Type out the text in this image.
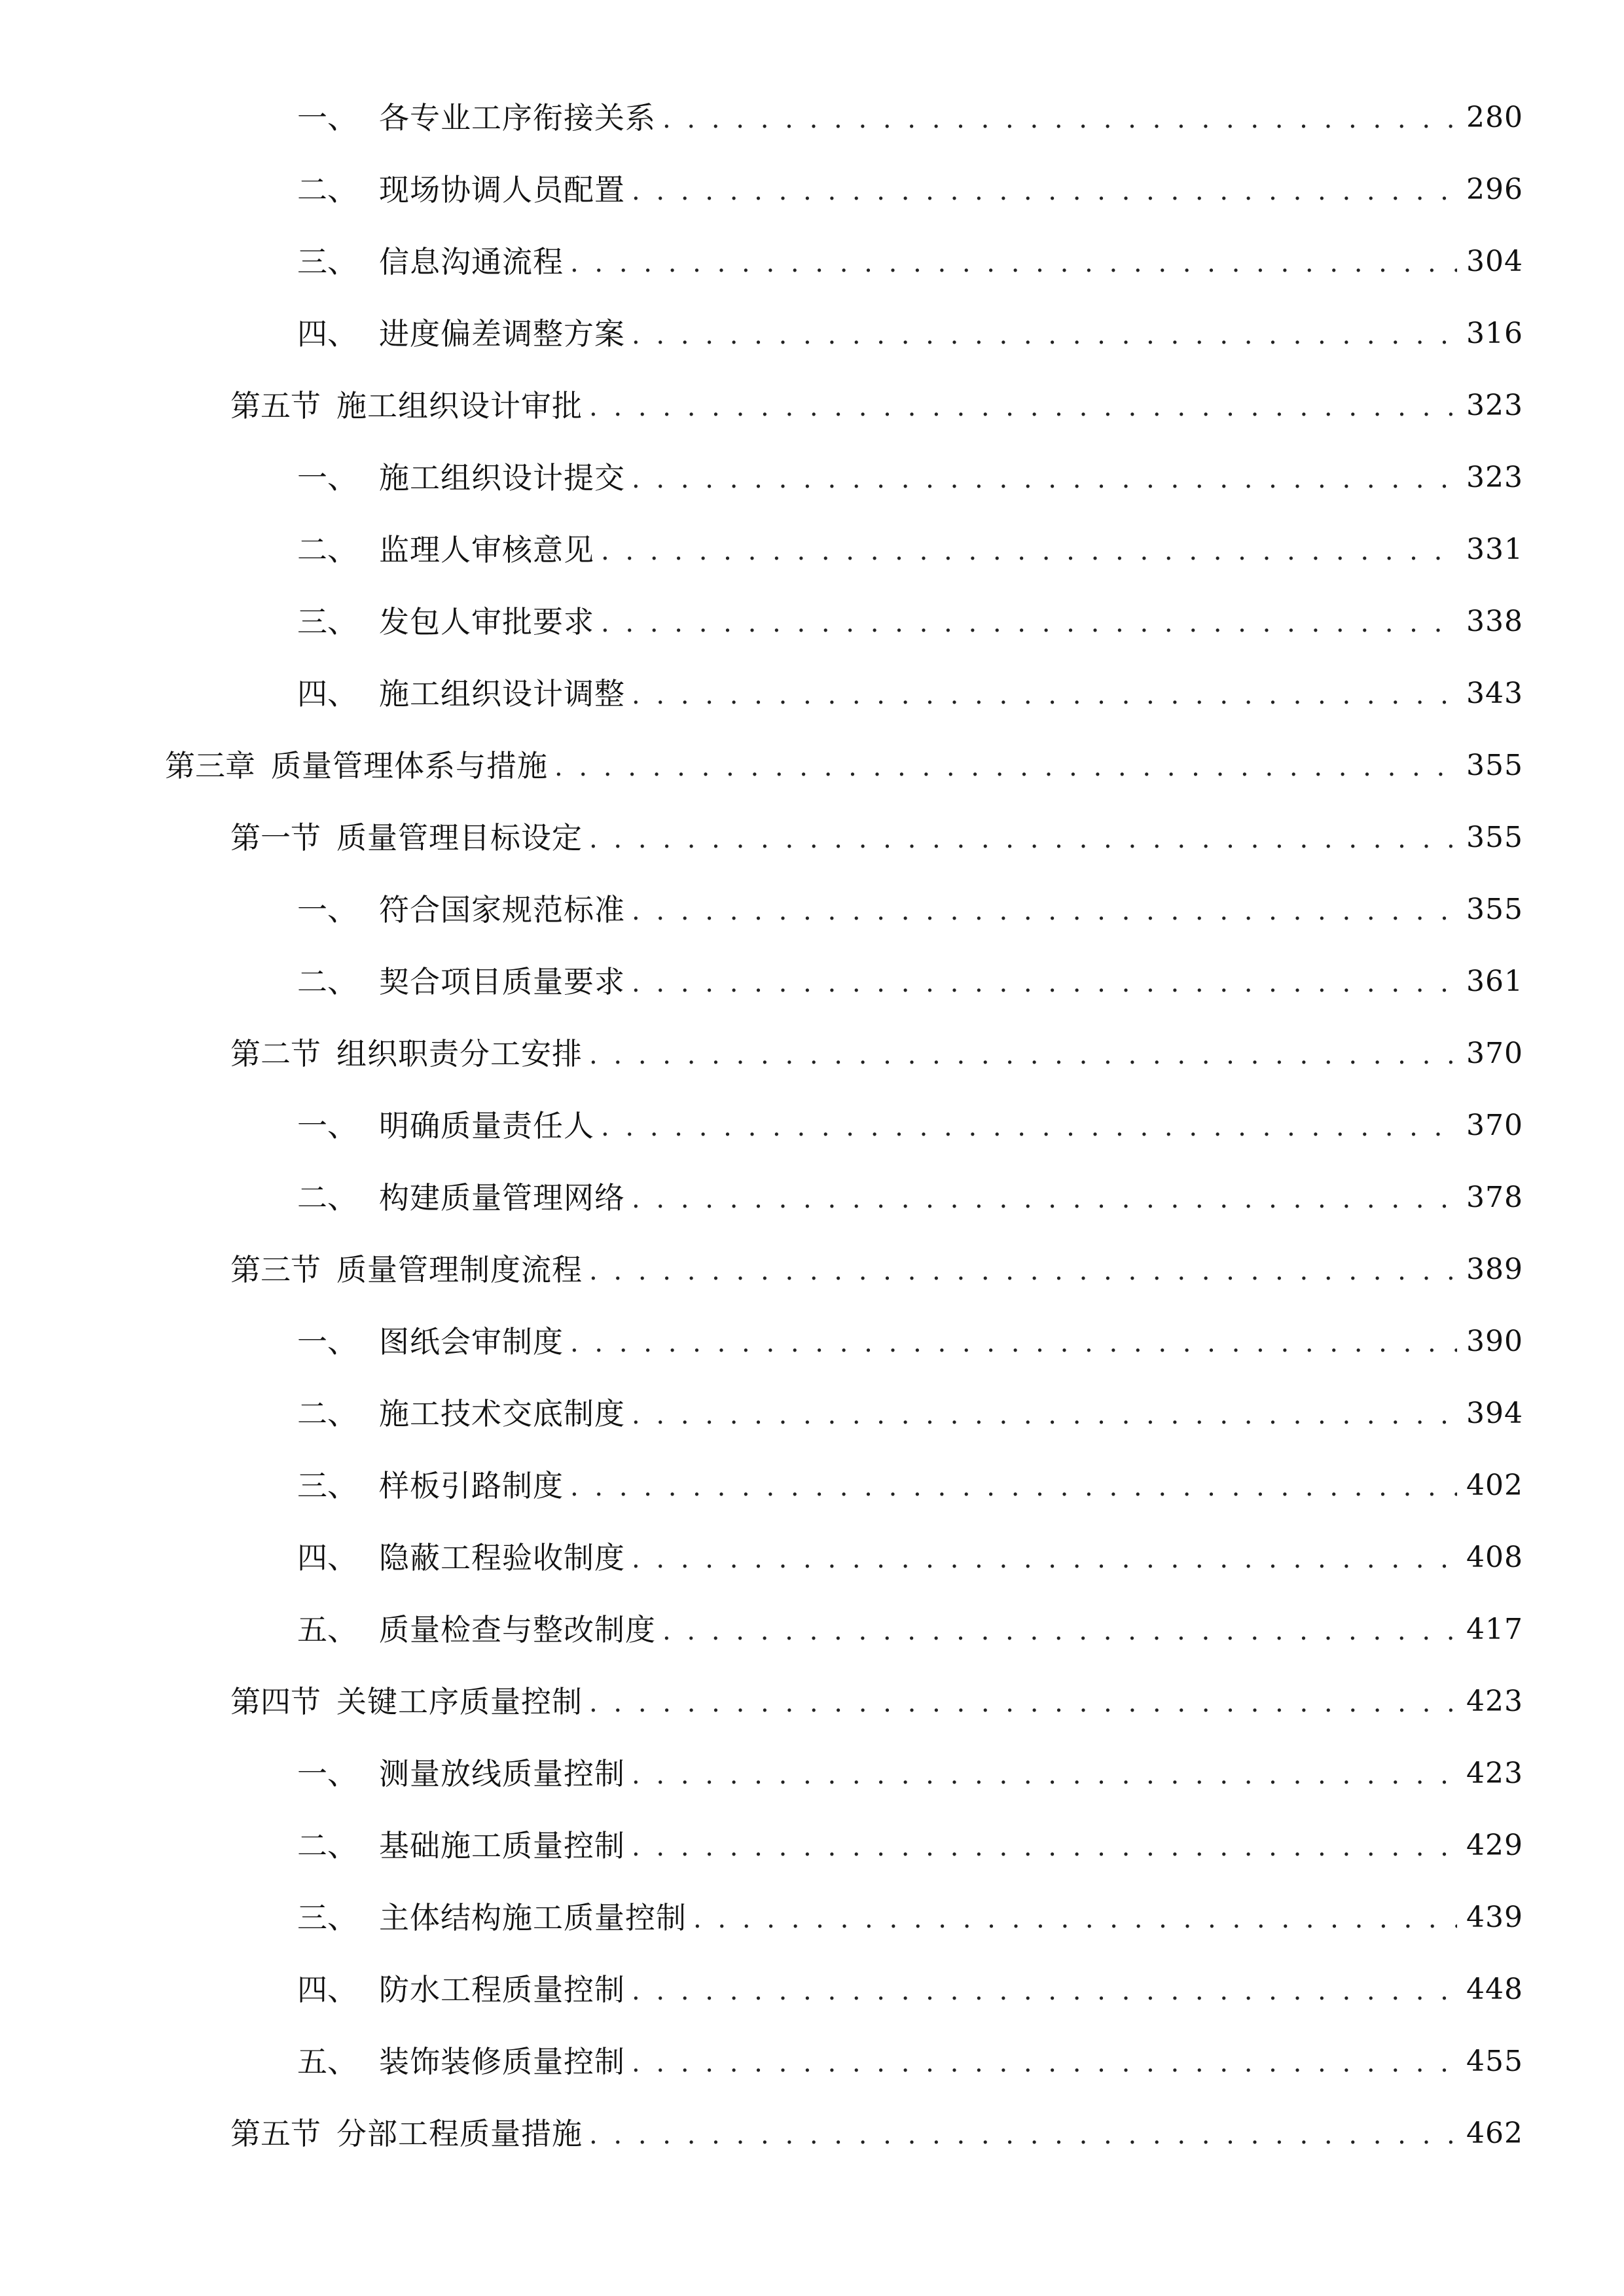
一、 各专业工序衔接关系 . . .	280
二、 现场协调人员配置 . . .	296
三、 信息沟通流程 . . .	304
四、 进度偏差调整方案 . . .	316
第五节 施工组织设计审批 . . .	323
一、 施工组织设计提交 . . .	323
二、 监理人审核意见 . . .	331
三、 发包人审批要求 . . .	338
四、 施工组织设计调整 . . .	343
第三章 质量管理体系与措施 . . .	355
第一节 质量管理目标设定 . . .	355
一、 符合国家规范标准 . . .	355
二、 契合项目质量要求 . . .	361
第二节 组织职责分工安排 . . .	370
一、 明确质量责任人 . . .	370
二、 构建质量管理网络 . . .	378
第三节 质量管理制度流程 . . .	389
一、 图纸会审制度 . . .	390
二、 施工技术交底制度 . . .	394
三、 样板引路制度 . . .	402
四、 隐蔽工程验收制度 . . .	408
五、 质量检查与整改制度 . . .	417
第四节 关键工序质量控制 . . .	423
一、 测量放线质量控制 . . .	423
二、 基础施工质量控制 . . .	429
三、 主体结构施工质量控制 . . .	439
四、 防水工程质量控制 . . .	448
五、 装饰装修质量控制 . . .	455
第五节 分部工程质量措施 . . .	462
